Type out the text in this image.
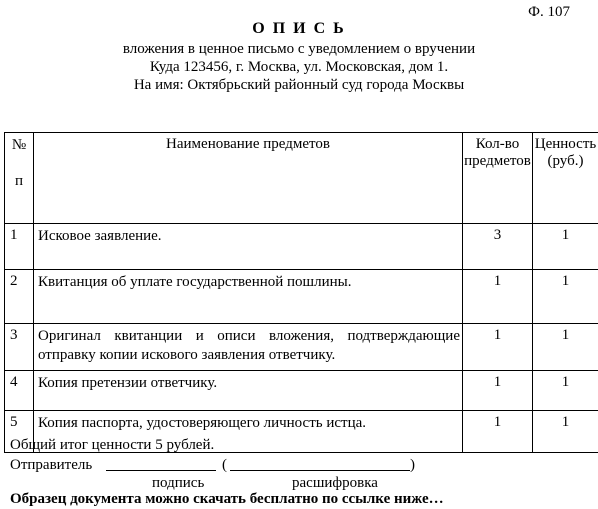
Ф. 107
О П И С Ь
вложения в ценное письмо с уведомлением о вручении
Куда 123456, г. Москва, ул. Московская, дом 1.
На имя: Октябрьский районный суд города Москвы
№
п	Наименование предметов	Кол-во предметов	Ценность (руб.)
1	Исковое заявление.	3	1
2	Квитанция об уплате государственной пошлины.	1	1
3	Оригинал квитанции и описи вложения, подтверждающие отправку копии искового заявления ответчику.	1	1
4	Копия претензии ответчику.	1	1
5	Копия паспорта, удостоверяющего личность истца.	1	1
Общий итог ценности 5 рублей.
Отправитель	(	)
подпись	расшифровка
Образец документа можно скачать бесплатно по ссылке ниже…
